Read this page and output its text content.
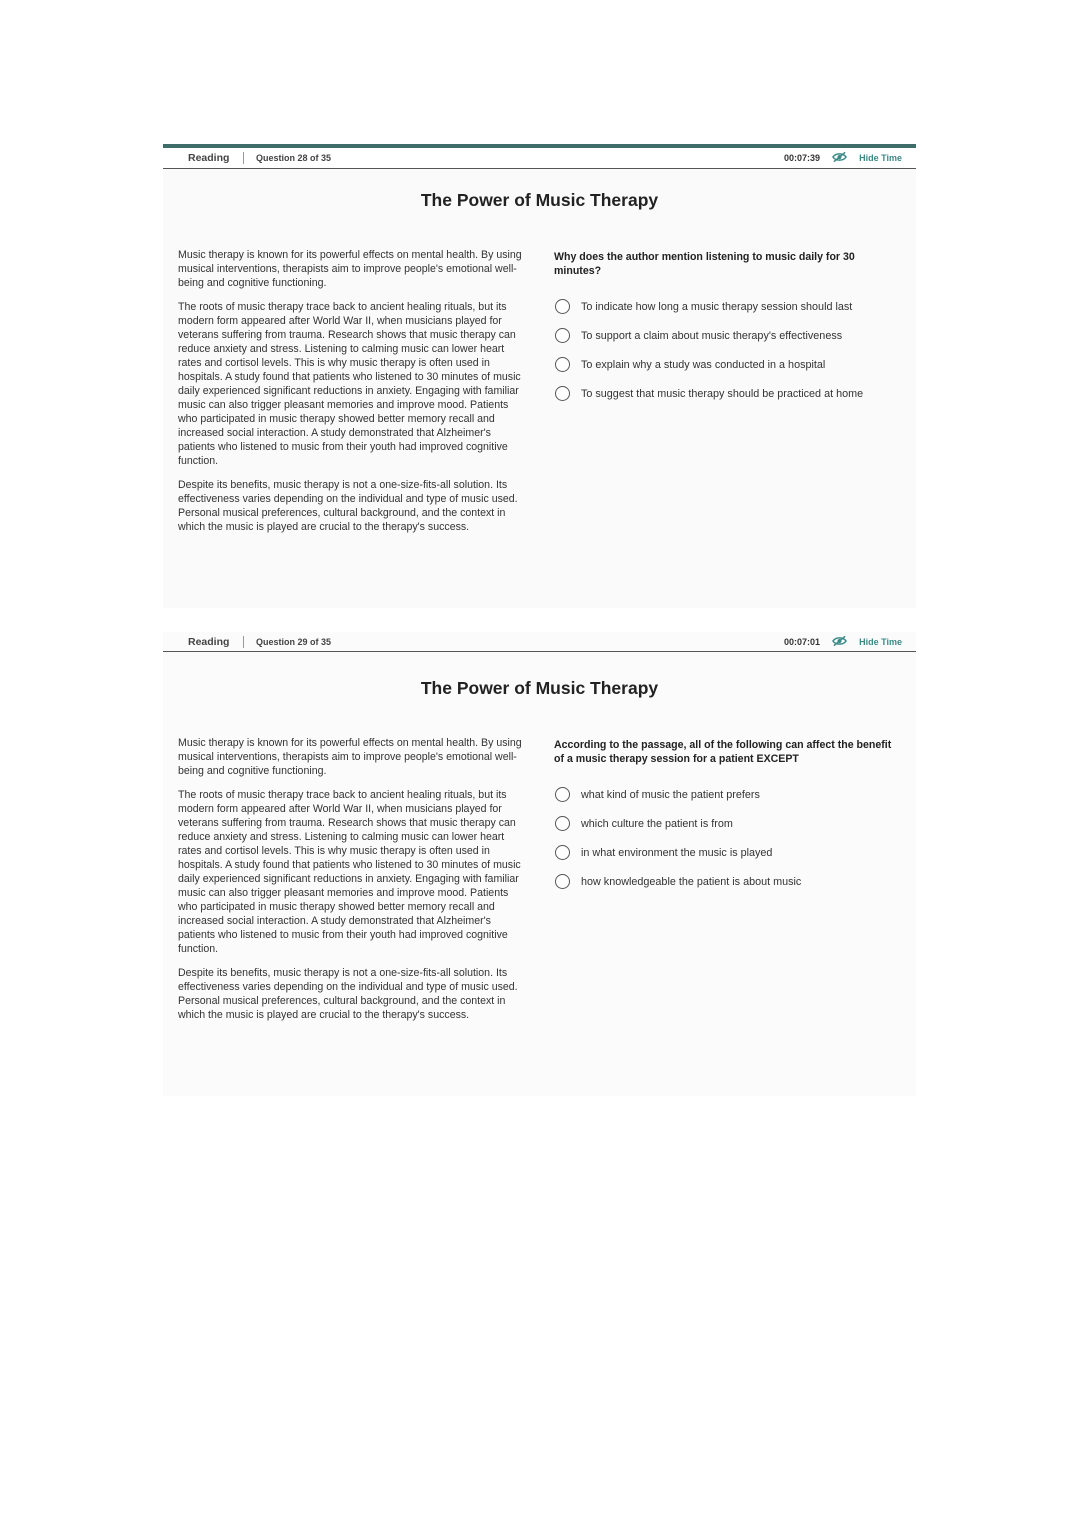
Reading	Question 28 of 35	00:07:39	Hide Time
The Power of Music Therapy

Music therapy is known for its powerful effects on mental health. By using musical interventions, therapists aim to improve people's emotional well-being and cognitive functioning.

The roots of music therapy trace back to ancient healing rituals, but its modern form appeared after World War II, when musicians played for veterans suffering from trauma. Research shows that music therapy can reduce anxiety and stress. Listening to calming music can lower heart rates and cortisol levels. This is why music therapy is often used in hospitals. A study found that patients who listened to 30 minutes of music daily experienced significant reductions in anxiety. Engaging with familiar music can also trigger pleasant memories and improve mood. Patients who participated in music therapy showed better memory recall and increased social interaction. A study demonstrated that Alzheimer's patients who listened to music from their youth had improved cognitive function.

Despite its benefits, music therapy is not a one-size-fits-all solution. Its effectiveness varies depending on the individual and type of music used. Personal musical preferences, cultural background, and the context in which the music is played are crucial to the therapy's success.

Why does the author mention listening to music daily for 30 minutes?
To indicate how long a music therapy session should last
To support a claim about music therapy's effectiveness
To explain why a study was conducted in a hospital
To suggest that music therapy should be practiced at home
Reading	Question 29 of 35	00:07:01	Hide Time
The Power of Music Therapy

Music therapy is known for its powerful effects on mental health. By using musical interventions, therapists aim to improve people's emotional well-being and cognitive functioning.

The roots of music therapy trace back to ancient healing rituals, but its modern form appeared after World War II, when musicians played for veterans suffering from trauma. Research shows that music therapy can reduce anxiety and stress. Listening to calming music can lower heart rates and cortisol levels. This is why music therapy is often used in hospitals. A study found that patients who listened to 30 minutes of music daily experienced significant reductions in anxiety. Engaging with familiar music can also trigger pleasant memories and improve mood. Patients who participated in music therapy showed better memory recall and increased social interaction. A study demonstrated that Alzheimer's patients who listened to music from their youth had improved cognitive function.

Despite its benefits, music therapy is not a one-size-fits-all solution. Its effectiveness varies depending on the individual and type of music used. Personal musical preferences, cultural background, and the context in which the music is played are crucial to the therapy's success.

According to the passage, all of the following can affect the benefit of a music therapy session for a patient EXCEPT
what kind of music the patient prefers
which culture the patient is from
in what environment the music is played
how knowledgeable the patient is about music
